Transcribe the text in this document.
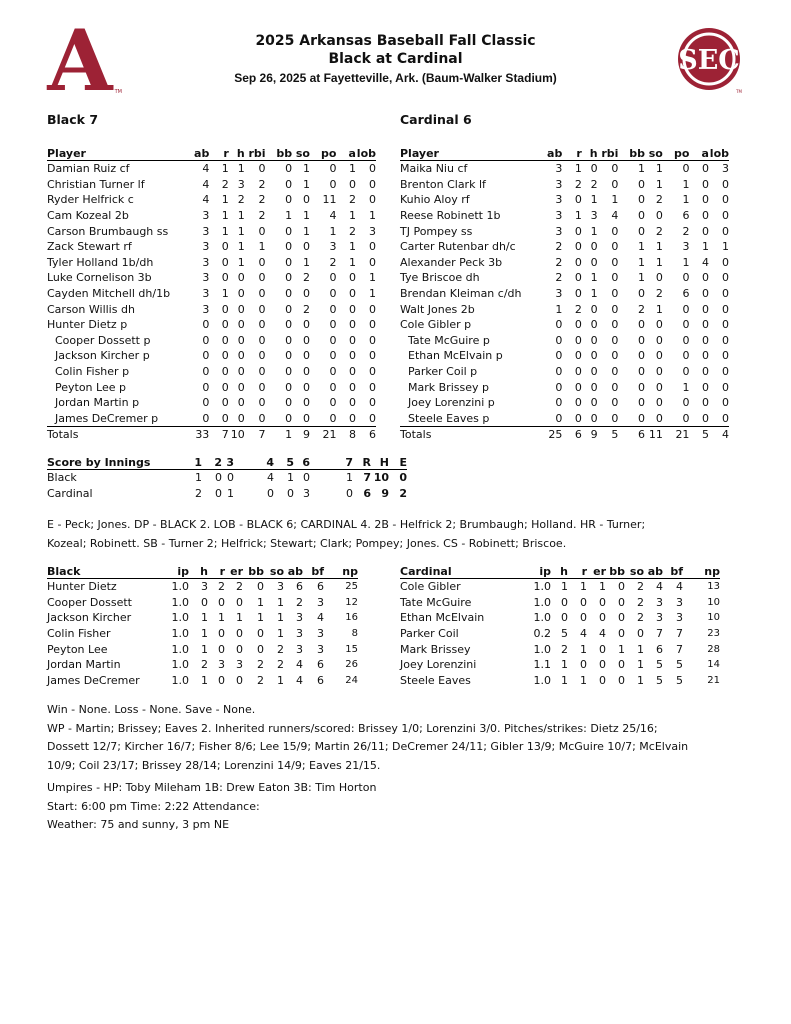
A TM
SEC
TM
2025 Arkansas Baseball Fall Classic
Black at Cardinal
Sep 26, 2025 at Fayetteville, Ark. (Baum-Walker Stadium)
Black 7	Cardinal 6
Player	ab	r	h	rbi	bb	so	po	a	lob
Damian Ruiz cf	4	1	1	0	0	1	0	1	0
Christian Turner lf	4	2	3	2	0	1	0	0	0
Ryder Helfrick c	4	1	2	2	0	0	11	2	0
Cam Kozeal 2b	3	1	1	2	1	1	4	1	1
Carson Brumbaugh ss	3	1	1	0	0	1	1	2	3
Zack Stewart rf	3	0	1	1	0	0	3	1	0
Tyler Holland 1b/dh	3	0	1	0	0	1	2	1	0
Luke Cornelison 3b	3	0	0	0	0	2	0	0	1
Cayden Mitchell dh/1b	3	1	0	0	0	0	0	0	1
Carson Willis dh	3	0	0	0	0	2	0	0	0
Hunter Dietz p	0	0	0	0	0	0	0	0	0
Cooper Dossett p	0	0	0	0	0	0	0	0	0
Jackson Kircher p	0	0	0	0	0	0	0	0	0
Colin Fisher p	0	0	0	0	0	0	0	0	0
Peyton Lee p	0	0	0	0	0	0	0	0	0
Jordan Martin p	0	0	0	0	0	0	0	0	0
James DeCremer p	0	0	0	0	0	0	0	0	0
Totals	33	7	10	7	1	9	21	8	6
Player	ab	r	h	rbi	bb	so	po	a	lob
Maika Niu cf	3	1	0	0	1	1	0	0	3
Brenton Clark lf	3	2	2	0	0	1	1	0	0
Kuhio Aloy rf	3	0	1	1	0	2	1	0	0
Reese Robinett 1b	3	1	3	4	0	0	6	0	0
TJ Pompey ss	3	0	1	0	0	2	2	0	0
Carter Rutenbar dh/c	2	0	0	0	1	1	3	1	1
Alexander Peck 3b	2	0	0	0	1	1	1	4	0
Tye Briscoe dh	2	0	1	0	1	0	0	0	0
Brendan Kleiman c/dh	3	0	1	0	0	2	6	0	0
Walt Jones 2b	1	2	0	0	2	1	0	0	0
Cole Gibler p	0	0	0	0	0	0	0	0	0
Tate McGuire p	0	0	0	0	0	0	0	0	0
Ethan McElvain p	0	0	0	0	0	0	0	0	0
Parker Coil p	0	0	0	0	0	0	0	0	0
Mark Brissey p	0	0	0	0	0	0	1	0	0
Joey Lorenzini p	0	0	0	0	0	0	0	0	0
Steele Eaves p	0	0	0	0	0	0	0	0	0
Totals	25	6	9	5	6	11	21	5	4
Score by Innings	1	2	3	4	5	6	7	R	H	E
Black	1	0	0	4	1	0	1	7	10	0
Cardinal	2	0	1	0	0	3	0	6	9	2

E - Peck; Jones. DP - BLACK 2. LOB - BLACK 6; CARDINAL 4. 2B - Helfrick 2; Brumbaugh; Holland. HR - Turner;

Kozeal; Robinett. SB - Turner 2; Helfrick; Stewart; Clark; Pompey; Jones. CS - Robinett; Briscoe.

Black	ip	h	r	er	bb	so	ab	bf	np
Hunter Dietz	1.0	3	2	2	0	3	6	6	25
Cooper Dossett	1.0	0	0	0	1	1	2	3	12
Jackson Kircher	1.0	1	1	1	1	1	3	4	16
Colin Fisher	1.0	1	0	0	0	1	3	3	8
Peyton Lee	1.0	1	0	0	0	2	3	3	15
Jordan Martin	1.0	2	3	3	2	2	4	6	26
James DeCremer	1.0	1	0	0	2	1	4	6	24
Cardinal	ip	h	r	er	bb	so	ab	bf	np
Cole Gibler	1.0	1	1	1	0	2	4	4	13
Tate McGuire	1.0	0	0	0	0	2	3	3	10
Ethan McElvain	1.0	0	0	0	0	2	3	3	10
Parker Coil	0.2	5	4	4	0	0	7	7	23
Mark Brissey	1.0	2	1	0	1	1	6	7	28
Joey Lorenzini	1.1	1	0	0	0	1	5	5	14
Steele Eaves	1.0	1	1	0	0	1	5	5	21

Win - None. Loss - None. Save - None.

WP - Martin; Brissey; Eaves 2. Inherited runners/scored: Brissey 1/0; Lorenzini 3/0. Pitches/strikes: Dietz 25/16;

Dossett 12/7; Kircher 16/7; Fisher 8/6; Lee 15/9; Martin 26/11; DeCremer 24/11; Gibler 13/9; McGuire 10/7; McElvain

10/9; Coil 23/17; Brissey 28/14; Lorenzini 14/9; Eaves 21/15.

Umpires - HP: Toby Mileham 1B: Drew Eaton 3B: Tim Horton

Start: 6:00 pm Time: 2:22 Attendance:

Weather: 75 and sunny, 3 pm NE
